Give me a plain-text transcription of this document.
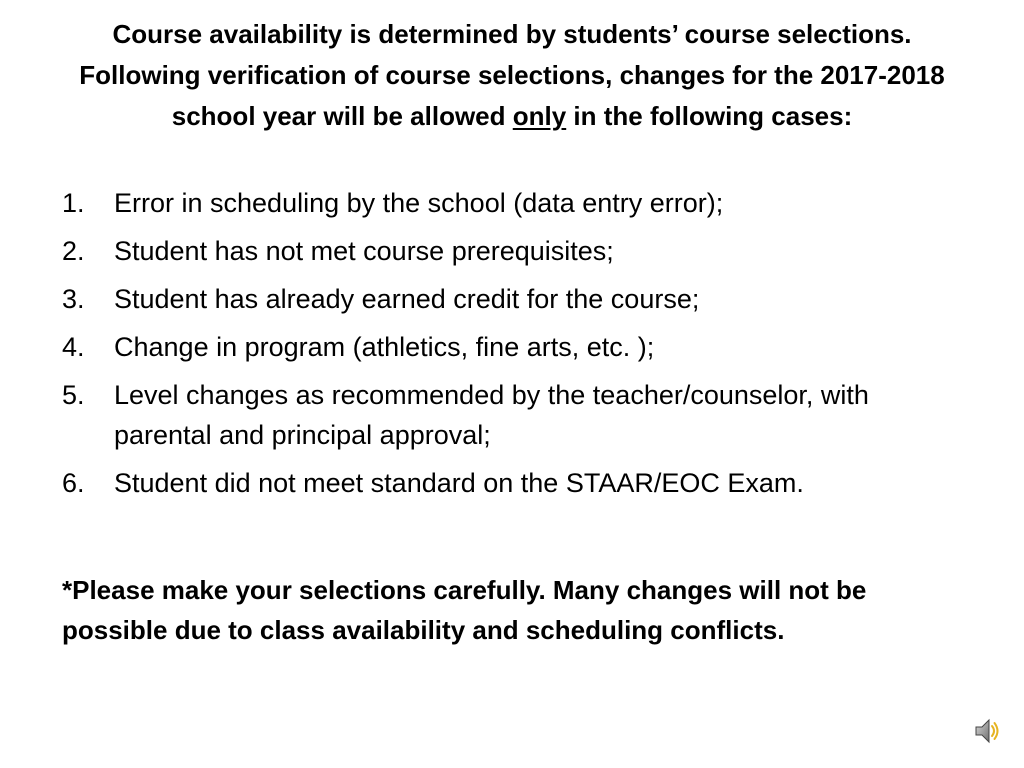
Course availability is determined by students’ course selections. Following verification of course selections, changes for the 2017-2018 school year will be allowed only in the following cases:
1. Error in scheduling by the school (data entry error);
2. Student has not met course prerequisites;
3. Student has already earned credit for the course;
4. Change in program (athletics, fine arts, etc. );
5. Level changes as recommended by the teacher/counselor, with parental and principal approval;
6. Student did not meet standard on the STAAR/EOC Exam.
*Please make your selections carefully. Many changes will not be possible due to class availability and scheduling conflicts.
